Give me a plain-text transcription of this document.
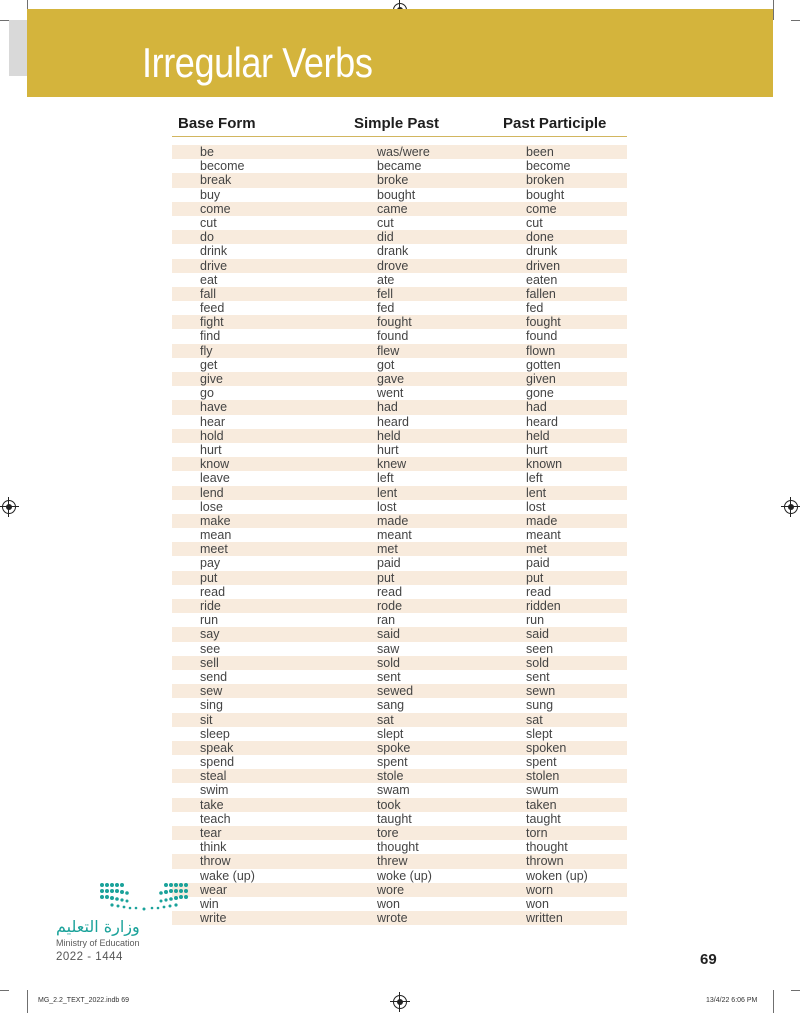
Irregular Verbs
Base Form	Simple Past	Past Participle
be	was/were	been
become	became	become
break	broke	broken
buy	bought	bought
come	came	come
cut	cut	cut
do	did	done
drink	drank	drunk
drive	drove	driven
eat	ate	eaten
fall	fell	fallen
feed	fed	fed
fight	fought	fought
find	found	found
fly	flew	flown
get	got	gotten
give	gave	given
go	went	gone
have	had	had
hear	heard	heard
hold	held	held
hurt	hurt	hurt
know	knew	known
leave	left	left
lend	lent	lent
lose	lost	lost
make	made	made
mean	meant	meant
meet	met	met
pay	paid	paid
put	put	put
read	read	read
ride	rode	ridden
run	ran	run
say	said	said
see	saw	seen
sell	sold	sold
send	sent	sent
sew	sewed	sewn
sing	sang	sung
sit	sat	sat
sleep	slept	slept
speak	spoke	spoken
spend	spent	spent
steal	stole	stolen
swim	swam	swum
take	took	taken
teach	taught	taught
tear	tore	torn
think	thought	thought
throw	threw	thrown
wake (up)	woke (up)	woken (up)
wear	wore	worn
win	won	won
write	wrote	written
وزارة التعليم
Ministry of Education
2022 - 1444	69
MG_2.2_TEXT_2022.indb 69	13/4/22 6:06 PM
